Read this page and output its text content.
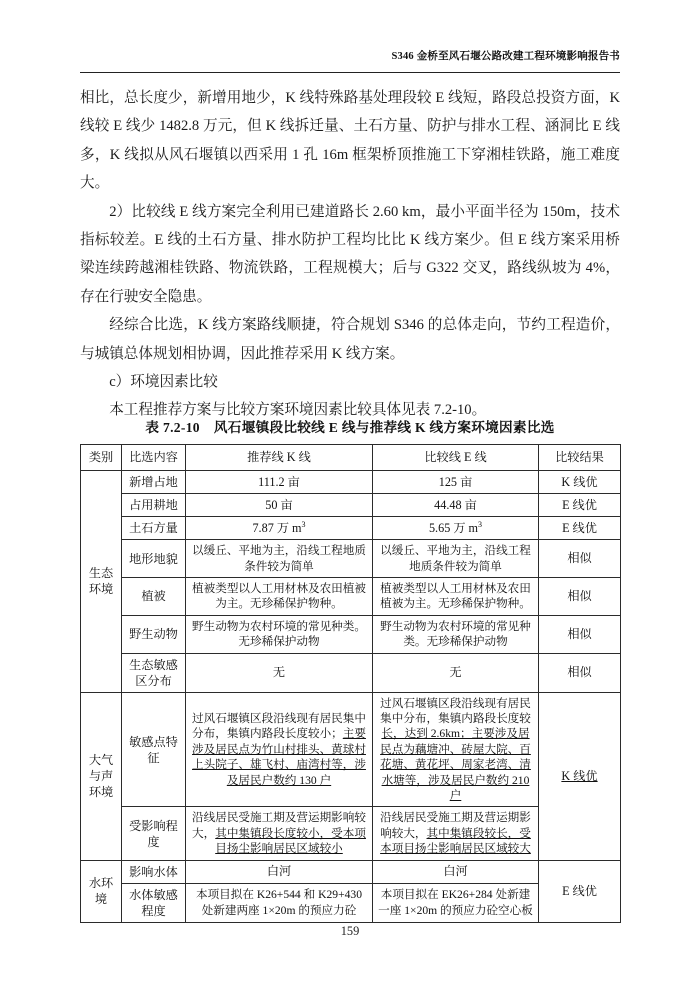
S346 金桥至风石堰公路改建工程环境影响报告书

相比，总长度少，新增用地少，K 线特殊路基处理段较 E 线短，路段总投资方面，K 线较 E 线少 1482.8 万元，但 K 线拆迁量、土石方量、防护与排水工程、涵洞比 E 线多，K 线拟从风石堰镇以西采用 1 孔 16m 框架桥顶推施工下穿湘桂铁路，施工难度大。

2）比较线 E 线方案完全利用已建道路长 2.60 km，最小平面半径为 150m，技术指标较差。E 线的土石方量、排水防护工程均比比 K 线方案少。但 E 线方案采用桥梁连续跨越湘桂铁路、物流铁路，工程规模大；后与 G322 交叉，路线纵坡为 4%，存在行驶安全隐患。

经综合比选，K 线方案路线顺捷，符合规划 S346 的总体走向，节约工程造价，与城镇总体规划相协调，因此推荐采用 K 线方案。

c）环境因素比较

本工程推荐方案与比较方案环境因素比较具体见表 7.2-10。

表 7.2-10 风石堰镇段比较线 E 线与推荐线 K 线方案环境因素比选
类别	比选内容	推荐线 K 线	比较线 E 线	比较结果
生态
环境	新增占地	111.2 亩	125 亩	K 线优
	占用耕地	50 亩	44.48 亩	E 线优
	土石方量	7.87 万 $m^3$	5.65 万 $m^3$	E 线优
	地形地貌	以缓丘、平地为主，沿线工程地质条件较为简单	以缓丘、平地为主，沿线工程地质条件较为简单	相似
	植被	植被类型以人工用材林及农田植被为主。无珍稀保护物种。	植被类型以人工用材林及农田植被为主。无珍稀保护物种。	相似
	野生动物	野生动物为农村环境的常见种类。无珍稀保护动物	野生动物为农村环境的常见种类。无珍稀保护动物	相似
	生态敏感区分布	无	无	相似
大气
与声
环境	敏感点特征	过风石堰镇区段沿线现有居民集中分布，集镇内路段长度较小；主要涉及居民点为竹山村排头、黄球村上头院子、雄飞村、庙湾村等，涉及居民户数约 130 户	过风石堰镇区段沿线现有居民集中分布，集镇内路段长度较长，达到 2.6km；主要涉及居民点为藕塘冲、砖屋大院、百花塘、黄花坪、周家老湾、清水塘等，涉及居民户数约 210 户	K 线优
	受影响程度	沿线居民受施工期及营运期影响较大，其中集镇段长度较小，受本项目扬尘影响居民区域较小	沿线居民受施工期及营运期影响较大，其中集镇段较长，受本项目扬尘影响居民区域较大	
水环
境	影响水体	白河	白河	E 线优
	水体敏感程度	本项目拟在 K26+544 和 K29+430 处新建两座 1×20m 的预应力砼	本项目拟在 EK26+284 处新建一座 1×20m 的预应力砼空心板	
159
